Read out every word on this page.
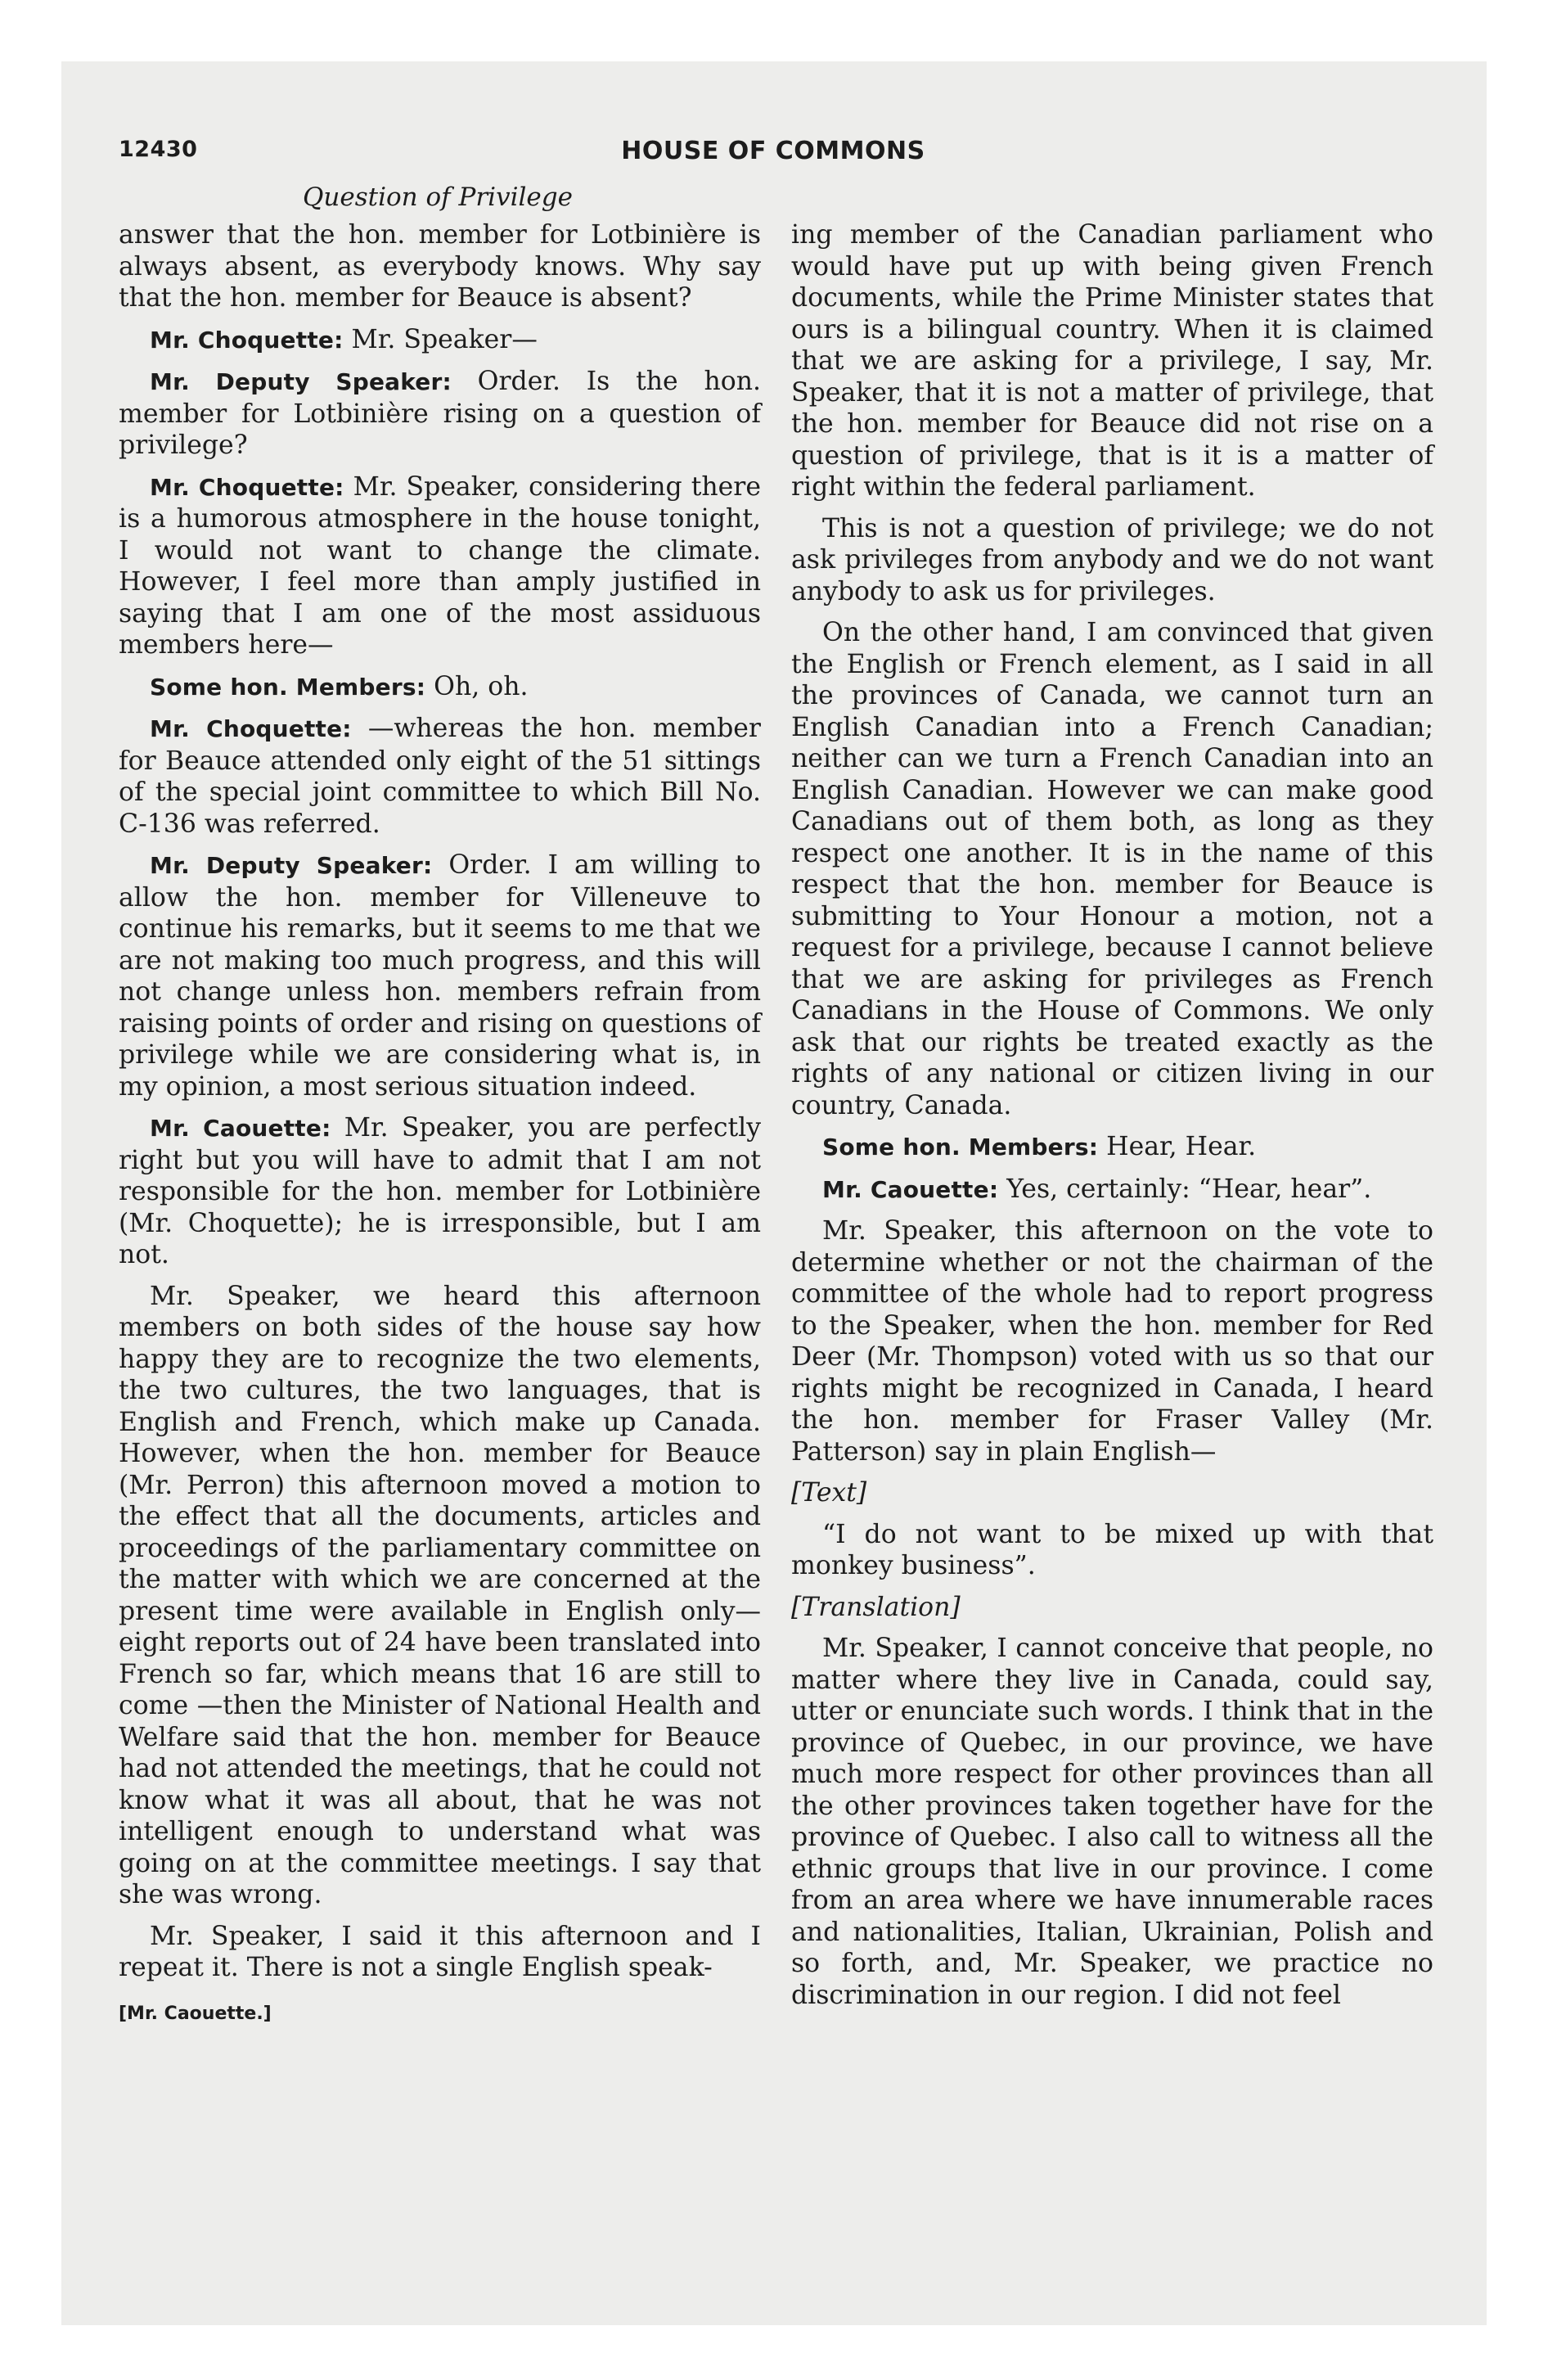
12430	HOUSE OF COMMONS
Question of Privilege

answer that the hon. member for Lotbinière is always absent, as everybody knows. Why say that the hon. member for Beauce is absent?

Mr. Choquette: Mr. Speaker—

Mr. Deputy Speaker: Order. Is the hon. member for Lotbinière rising on a question of privilege?

Mr. Choquette: Mr. Speaker, considering there is a humorous atmosphere in the house tonight, I would not want to change the climate. However, I feel more than amply justified in saying that I am one of the most assiduous members here—

Some hon. Members: Oh, oh.

Mr. Choquette: —whereas the hon. member for Beauce attended only eight of the 51 sittings of the special joint committee to which Bill No. C-136 was referred.

Mr. Deputy Speaker: Order. I am willing to allow the hon. member for Villeneuve to continue his remarks, but it seems to me that we are not making too much progress, and this will not change unless hon. members refrain from raising points of order and rising on questions of privilege while we are considering what is, in my opinion, a most serious situation indeed.

Mr. Caouette: Mr. Speaker, you are perfectly right but you will have to admit that I am not responsible for the hon. member for Lotbinière (Mr. Choquette); he is irresponsible, but I am not.

Mr. Speaker, we heard this afternoon members on both sides of the house say how happy they are to recognize the two elements, the two cultures, the two languages, that is English and French, which make up Canada. However, when the hon. member for Beauce (Mr. Perron) this afternoon moved a motion to the effect that all the documents, articles and proceedings of the parliamentary committee on the matter with which we are concerned at the present time were available in English only—eight reports out of 24 have been translated into French so far, which means that 16 are still to come —then the Minister of National Health and Welfare said that the hon. member for Beauce had not attended the meetings, that he could not know what it was all about, that he was not intelligent enough to understand what was going on at the committee meetings. I say that she was wrong.

Mr. Speaker, I said it this afternoon and I repeat it. There is not a single English speak-

[Mr. Caouette.]

ing member of the Canadian parliament who would have put up with being given French documents, while the Prime Minister states that ours is a bilingual country. When it is claimed that we are asking for a privilege, I say, Mr. Speaker, that it is not a matter of privilege, that the hon. member for Beauce did not rise on a question of privilege, that is it is a matter of right within the federal parliament.

This is not a question of privilege; we do not ask privileges from anybody and we do not want anybody to ask us for privileges.

On the other hand, I am convinced that given the English or French element, as I said in all the provinces of Canada, we cannot turn an English Canadian into a French Canadian; neither can we turn a French Canadian into an English Canadian. However we can make good Canadians out of them both, as long as they respect one another. It is in the name of this respect that the hon. member for Beauce is submitting to Your Honour a motion, not a request for a privilege, because I cannot believe that we are asking for privileges as French Canadians in the House of Commons. We only ask that our rights be treated exactly as the rights of any national or citizen living in our country, Canada.

Some hon. Members: Hear, Hear.

Mr. Caouette: Yes, certainly: “Hear, hear”.

Mr. Speaker, this afternoon on the vote to determine whether or not the chairman of the committee of the whole had to report progress to the Speaker, when the hon. member for Red Deer (Mr. Thompson) voted with us so that our rights might be recognized in Canada, I heard the hon. member for Fraser Valley (Mr. Patterson) say in plain English—

[Text]

“I do not want to be mixed up with that monkey business”.

[Translation]

Mr. Speaker, I cannot conceive that people, no matter where they live in Canada, could say, utter or enunciate such words. I think that in the province of Quebec, in our province, we have much more respect for other provinces than all the other provinces taken together have for the province of Quebec. I also call to witness all the ethnic groups that live in our province. I come from an area where we have innumerable races and nationalities, Italian, Ukrainian, Polish and so forth, and, Mr. Speaker, we practice no discrimination in our region. I did not feel
